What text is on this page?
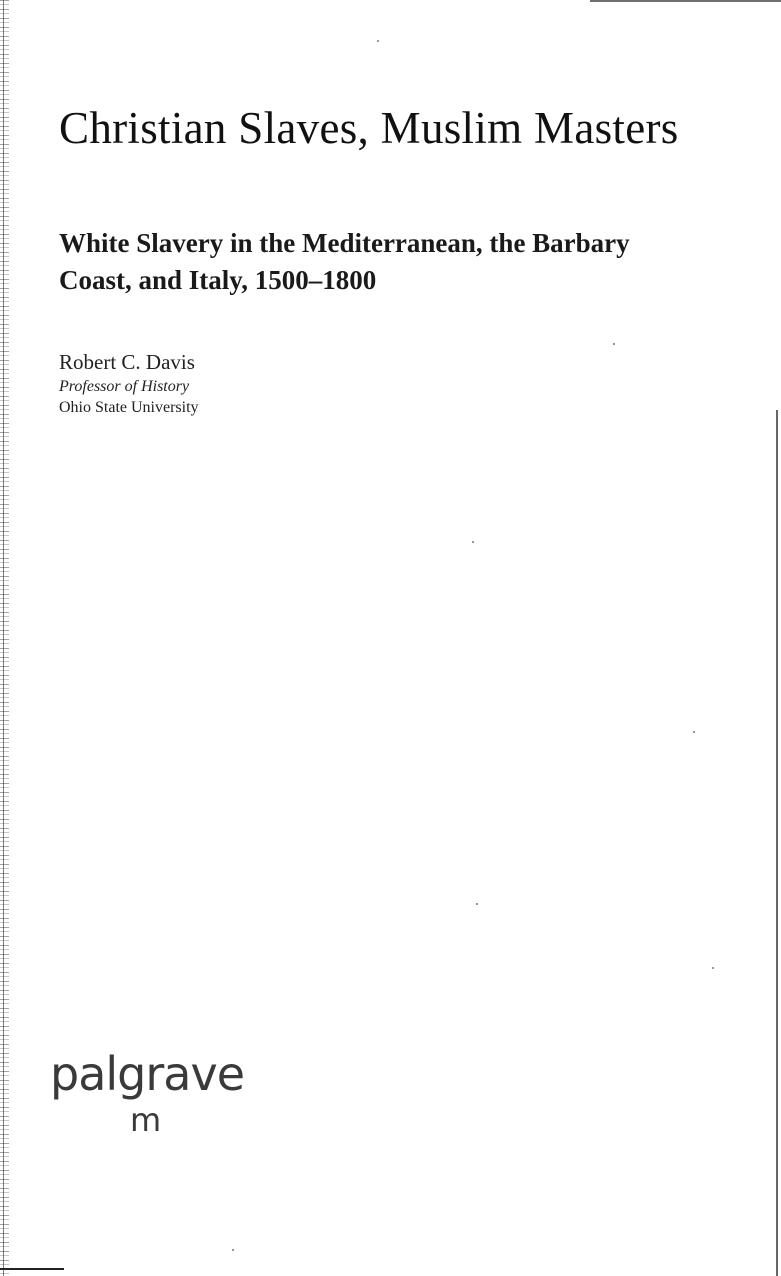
Christian Slaves, Muslim Masters
White Slavery in the Mediterranean, the Barbary Coast, and Italy, 1500–1800

Robert C. Davis

Professor of History

Ohio State University

palgrave
m
